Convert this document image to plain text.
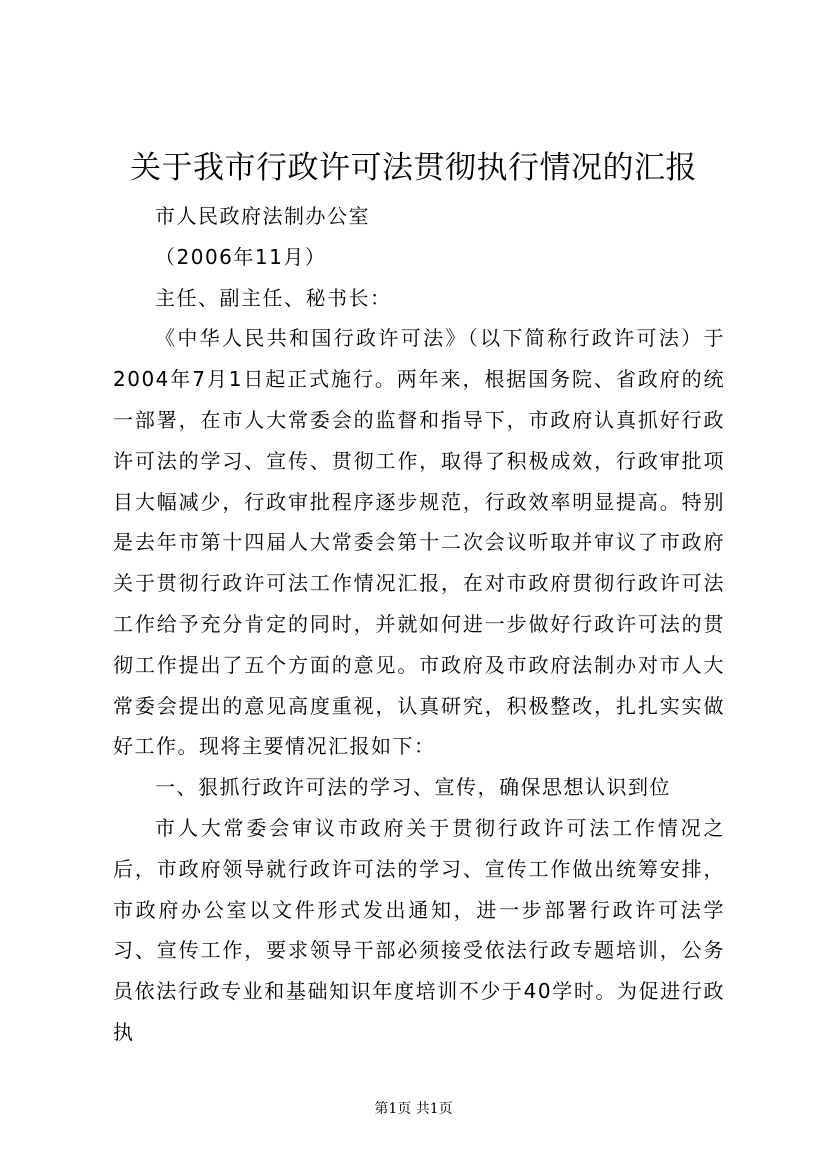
关于我市行政许可法贯彻执行情况的汇报

市人民政府法制办公室

（2006年11月）

主任、副主任、秘书长：

《中华人民共和国行政许可法》（以下简称行政许可法）于2004年7月1日起正式施行。两年来，根据国务院、省政府的统一部署，在市人大常委会的监督和指导下，市政府认真抓好行政许可法的学习、宣传、贯彻工作，取得了积极成效，行政审批项目大幅减少，行政审批程序逐步规范，行政效率明显提高。特别是去年市第十四届人大常委会第十二次会议听取并审议了市政府关于贯彻行政许可法工作情况汇报，在对市政府贯彻行政许可法工作给予充分肯定的同时，并就如何进一步做好行政许可法的贯彻工作提出了五个方面的意见。市政府及市政府法制办对市人大常委会提出的意见高度重视，认真研究，积极整改，扎扎实实做好工作。现将主要情况汇报如下：

一、狠抓行政许可法的学习、宣传，确保思想认识到位

市人大常委会审议市政府关于贯彻行政许可法工作情况之后，市政府领导就行政许可法的学习、宣传工作做出统筹安排，市政府办公室以文件形式发出通知，进一步部署行政许可法学习、宣传工作，要求领导干部必须接受依法行政专题培训，公务员依法行政专业和基础知识年度培训不少于40学时。为促进行政执

第1页 共1页
